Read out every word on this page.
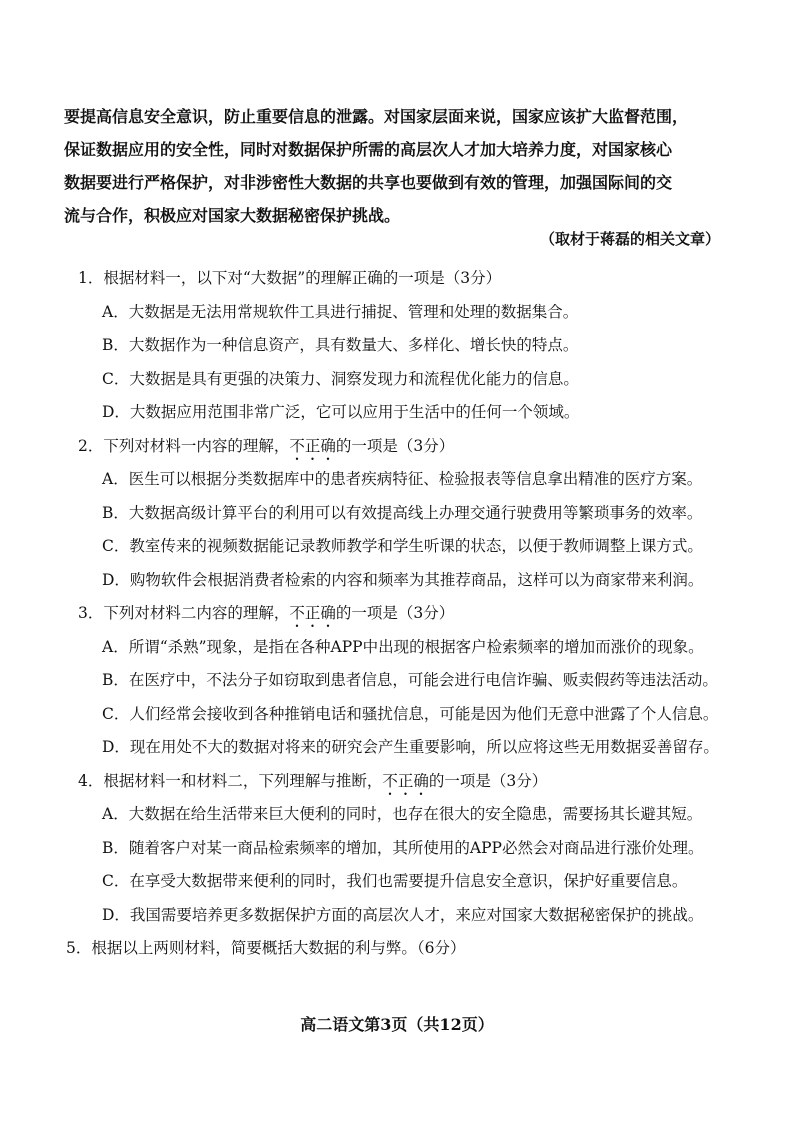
要提高信息安全意识，防止重要信息的泄露。对国家层面来说，国家应该扩大监督范围，

保证数据应用的安全性，同时对数据保护所需的高层次人才加大培养力度，对国家核心

数据要进行严格保护，对非涉密性大数据的共享也要做到有效的管理，加强国际间的交

流与合作，积极应对国家大数据秘密保护挑战。

（取材于蒋磊的相关文章）
1．根据材料一，以下对“大数据”的理解正确的一项是（3分）
A．大数据是无法用常规软件工具进行捕捉、管理和处理的数据集合。
B．大数据作为一种信息资产，具有数量大、多样化、增长快的特点。
C．大数据是具有更强的决策力、洞察发现力和流程优化能力的信息。
D．大数据应用范围非常广泛，它可以应用于生活中的任何一个领域。
2．下列对材料一内容的理解，不正确的一项是（3分）
A．医生可以根据分类数据库中的患者疾病特征、检验报表等信息拿出精准的医疗方案。
B．大数据高级计算平台的利用可以有效提高线上办理交通行驶费用等繁琐事务的效率。
C．教室传来的视频数据能记录教师教学和学生听课的状态，以便于教师调整上课方式。
D．购物软件会根据消费者检索的内容和频率为其推荐商品，这样可以为商家带来利润。
3．下列对材料二内容的理解，不正确的一项是（3分）
A．所谓“杀熟”现象，是指在各种APP中出现的根据客户检索频率的增加而涨价的现象。
B．在医疗中，不法分子如窃取到患者信息，可能会进行电信诈骗、贩卖假药等违法活动。
C．人们经常会接收到各种推销电话和骚扰信息，可能是因为他们无意中泄露了个人信息。
D．现在用处不大的数据对将来的研究会产生重要影响，所以应将这些无用数据妥善留存。
4．根据材料一和材料二，下列理解与推断，不正确的一项是（3分）
A．大数据在给生活带来巨大便利的同时，也存在很大的安全隐患，需要扬其长避其短。
B．随着客户对某一商品检索频率的增加，其所使用的APP必然会对商品进行涨价处理。
C．在享受大数据带来便利的同时，我们也需要提升信息安全意识，保护好重要信息。
D．我国需要培养更多数据保护方面的高层次人才，来应对国家大数据秘密保护的挑战。
5．根据以上两则材料，简要概括大数据的利与弊。（6分）
高二语文第3页（共12页）
